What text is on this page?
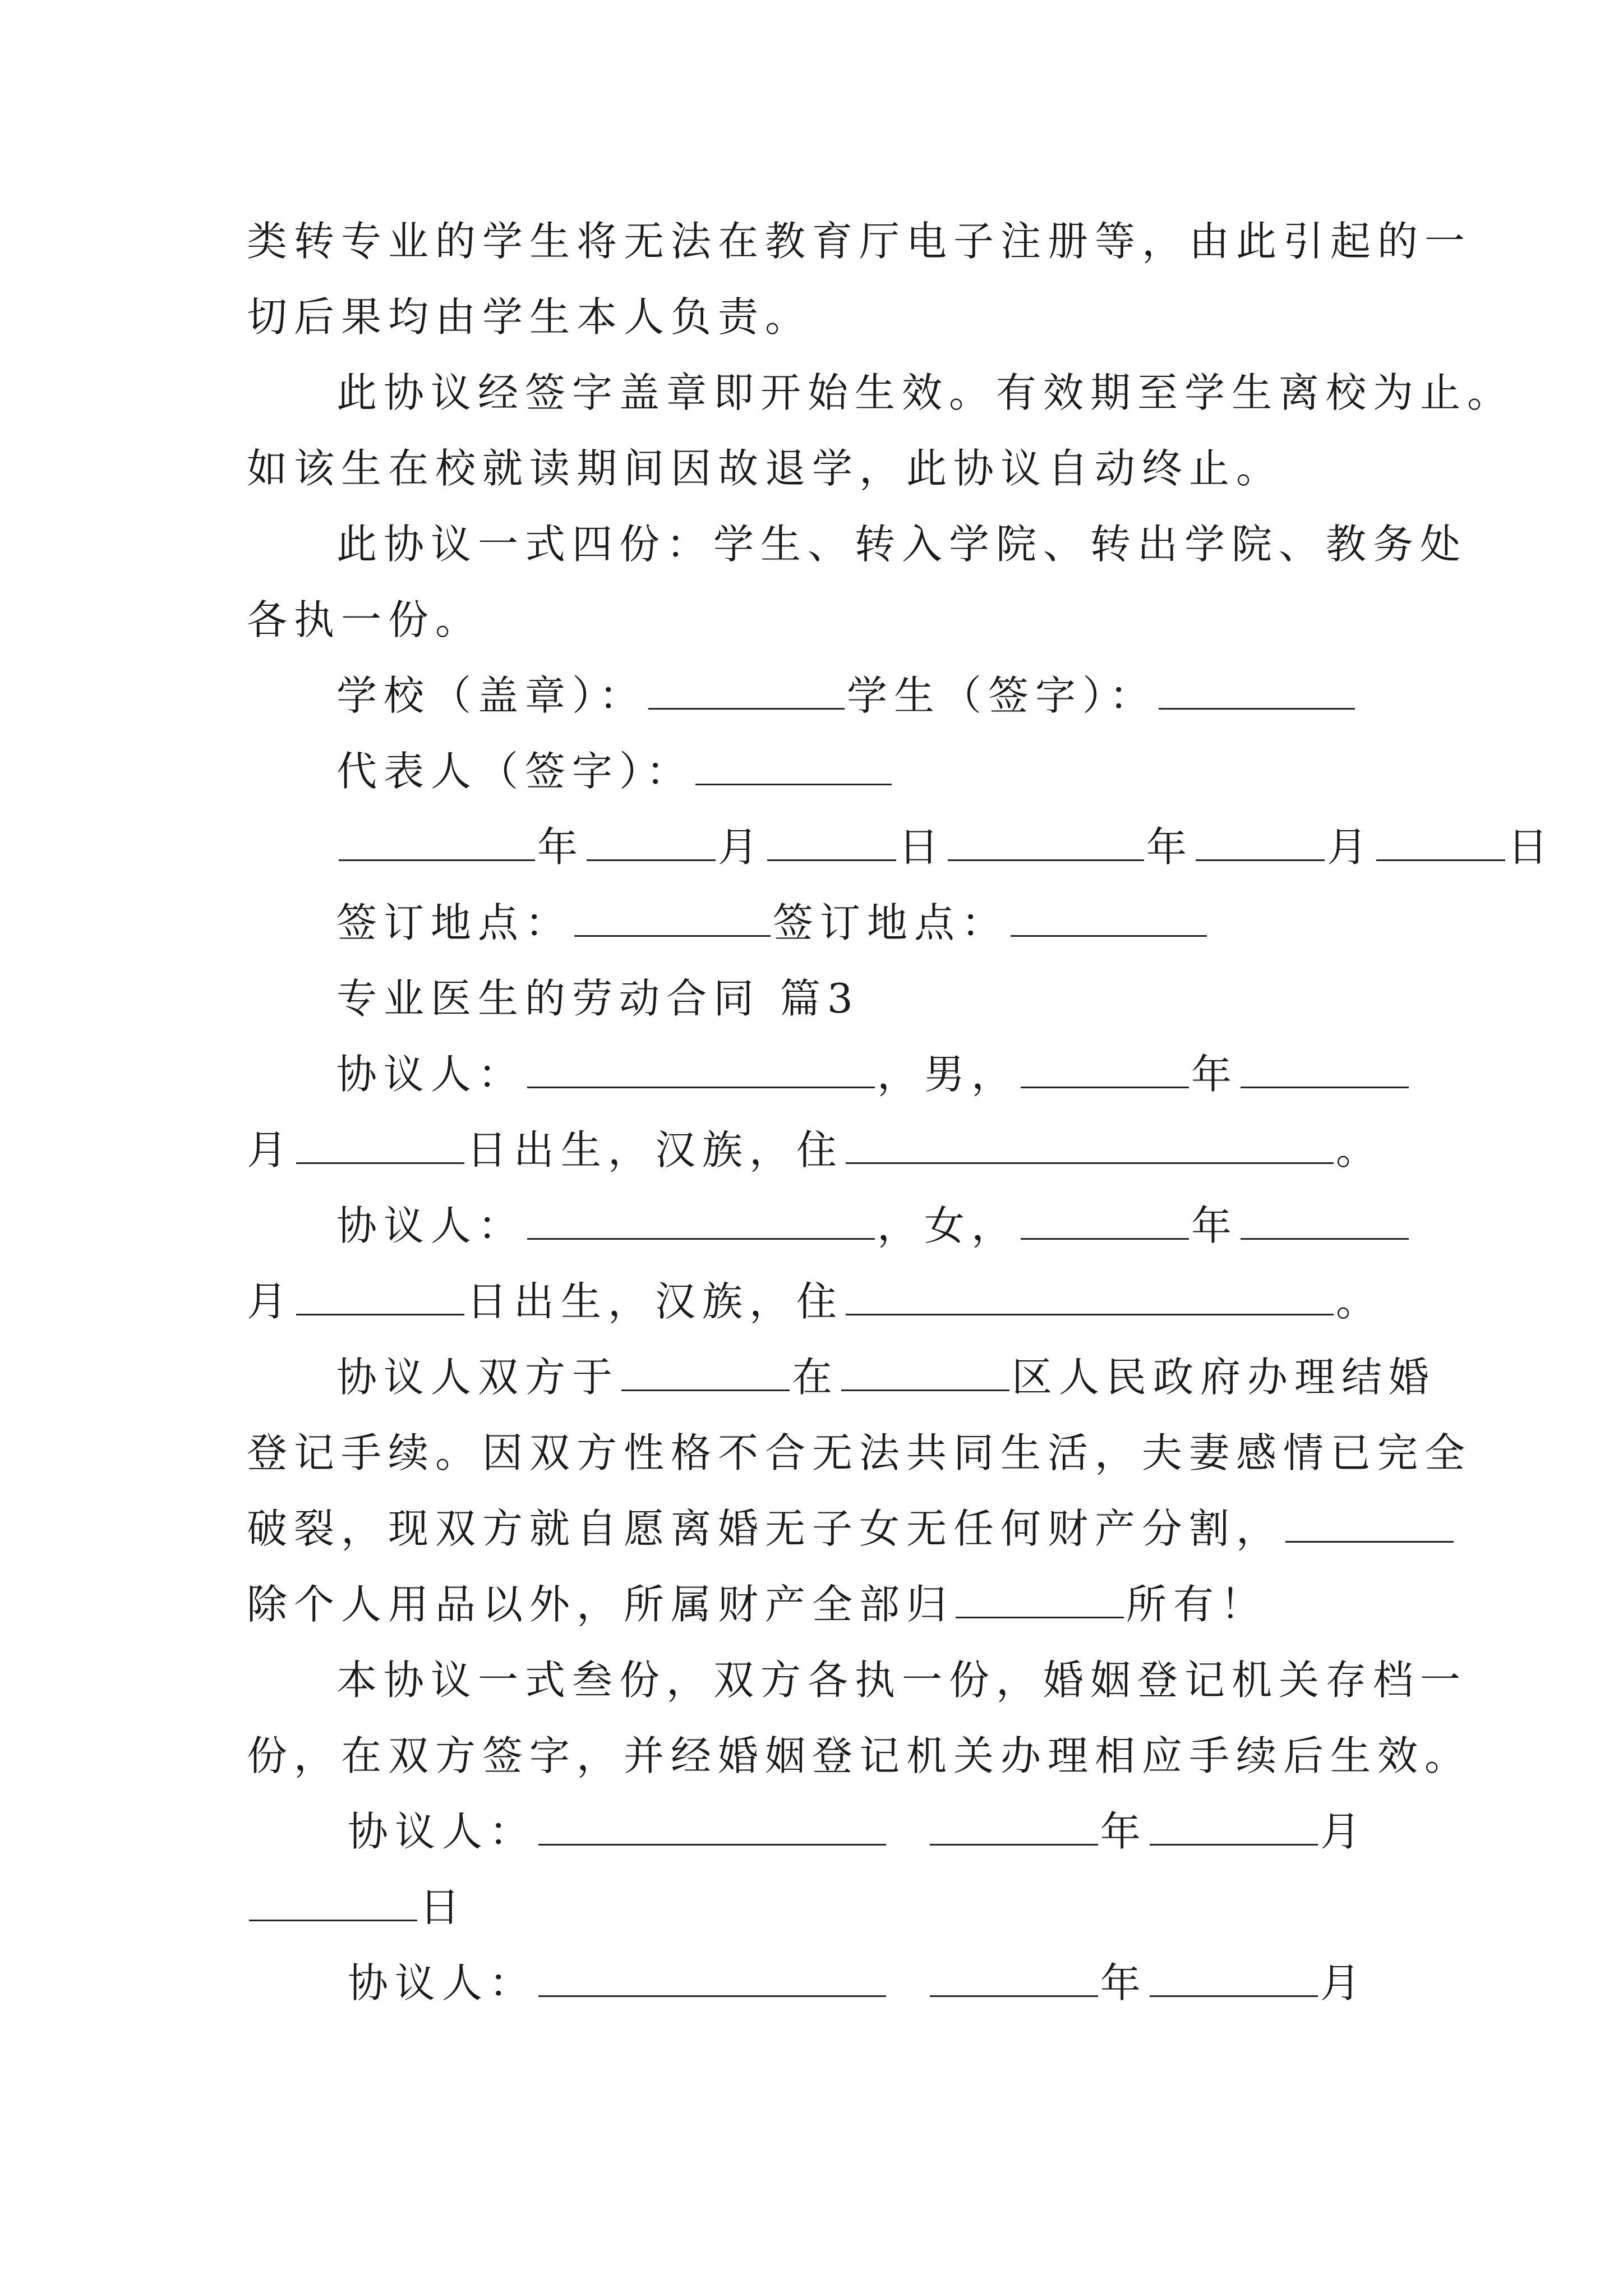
类转专业的学生将无法在教育厅电子注册等，由此引起的一
切后果均由学生本人负责。
此协议经签字盖章即开始生效。有效期至学生离校为止。
如该生在校就读期间因故退学，此协议自动终止。
此协议一式四份：学生、转入学院、转出学院、教务处
各执一份。
学校（盖章）：	学生（签字）：
代表人（签字）：
年	月	日	年	月	日
签订地点：	签订地点：
专业医生的劳动合同 篇3
协议人：	，男，	年
月	日出生，汉族，住	。
协议人：	，女，	年
月	日出生，汉族，住	。
协议人双方于	在	区人民政府办理结婚
登记手续。因双方性格不合无法共同生活，夫妻感情已完全
破裂，现双方就自愿离婚无子女无任何财产分割，
除个人用品以外，所属财产全部归	所有！
本协议一式叁份，双方各执一份，婚姻登记机关存档一
份，在双方签字，并经婚姻登记机关办理相应手续后生效。
协议人：	年	月
日
协议人：	年	月
